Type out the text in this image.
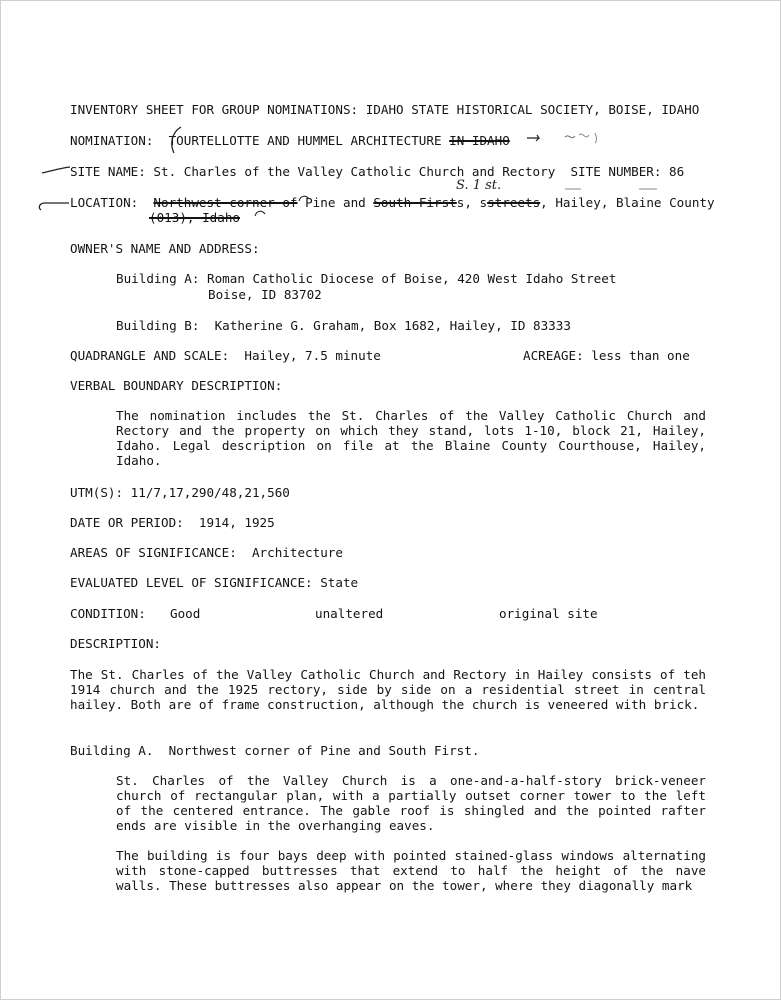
INVENTORY SHEET FOR GROUP NOMINATIONS: IDAHO STATE HISTORICAL SOCIETY, BOISE, IDAHO
NOMINATION: TOURTELLOTTE AND HUMMEL ARCHITECTURE IN IDAHO
SITE NAME: St. Charles of the Valley Catholic Church and Rectory SITE NUMBER: 86
S. 1 st.
LOCATION: Northwest corner of Pine and South Firsts, sstreets, Hailey, Blaine County
(013), Idaho
OWNER'S NAME AND ADDRESS:
Building A: Roman Catholic Diocese of Boise, 420 West Idaho Street
Boise, ID 83702
Building B:  Katherine G. Graham, Box 1682, Hailey, ID 83333
QUADRANGLE AND SCALE:  Hailey, 7.5 minute	ACREAGE: less than one
VERBAL BOUNDARY DESCRIPTION:
The nomination includes the St. Charles of the Valley Catholic Church and Rectory and the property on which they stand, lots 1-10, block 21, Hailey, Idaho. Legal description on file at the Blaine County Courthouse, Hailey, Idaho.
UTM(S): 11/7,17,290/48,21,560
DATE OR PERIOD:  1914, 1925
AREAS OF SIGNIFICANCE:  Architecture
EVALUATED LEVEL OF SIGNIFICANCE: State
CONDITION: Good	unaltered	original site
DESCRIPTION:
The St. Charles of the Valley Catholic Church and Rectory in Hailey consists of teh 1914 church and the 1925 rectory, side by side on a residential street in central hailey. Both are of frame construction, although the church is veneered with brick.
Building A.  Northwest corner of Pine and South First.
St. Charles of the Valley Church is a one-and-a-half-story brick-veneer church of rectangular plan, with a partially outset corner tower to the left of the centered entrance. The gable roof is shingled and the pointed rafter ends are visible in the overhanging eaves.
The building is four bays deep with pointed stained-glass windows alternating with stone-capped buttresses that extend to half the height of the nave walls. These buttresses also appear on the tower, where they diagonally mark
